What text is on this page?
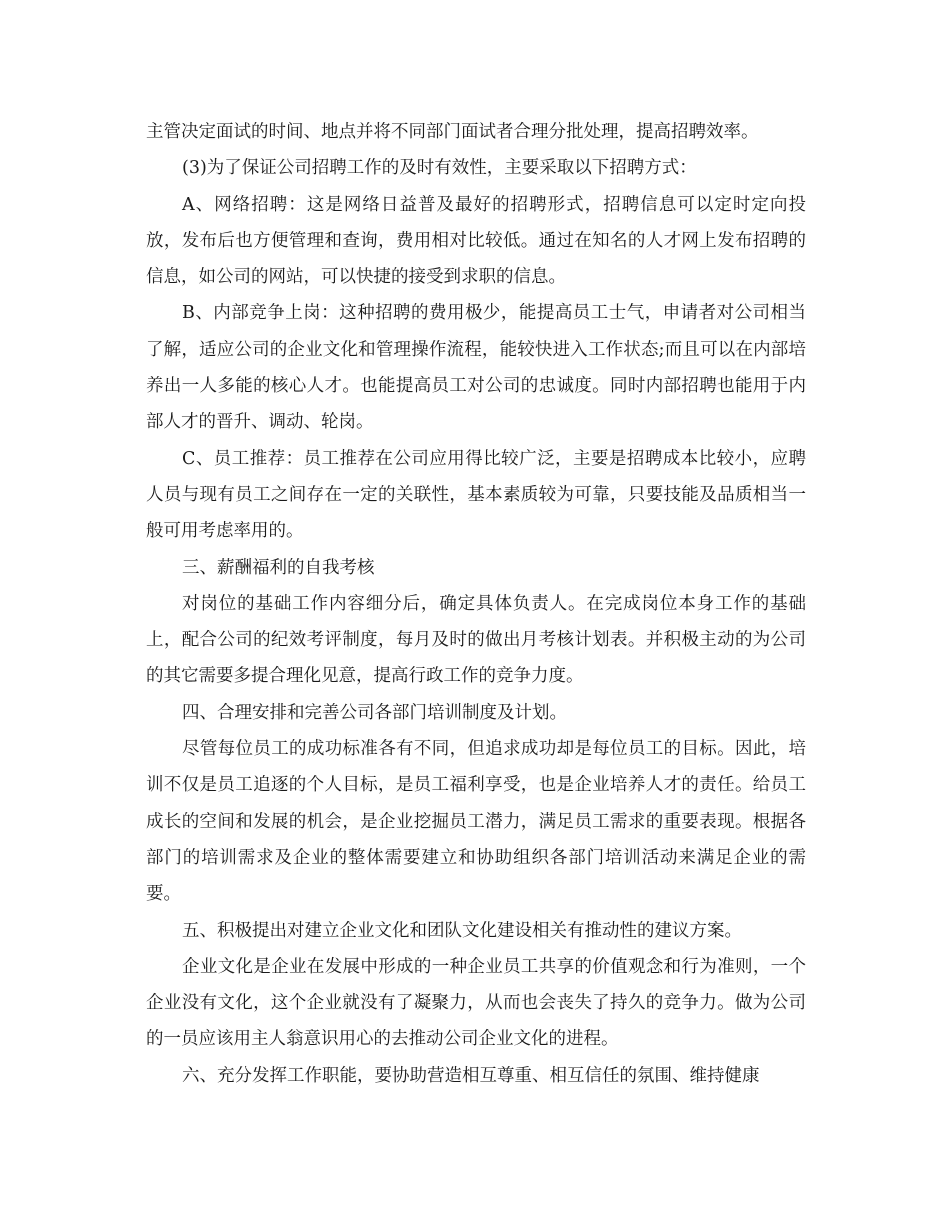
主管决定面试的时间、地点并将不同部门面试者合理分批处理，提高招聘效率。

(3)为了保证公司招聘工作的及时有效性，主要采取以下招聘方式：

A、网络招聘：这是网络日益普及最好的招聘形式，招聘信息可以定时定向投放，发布后也方便管理和查询，费用相对比较低。通过在知名的人才网上发布招聘的信息，如公司的网站，可以快捷的接受到求职的信息。

B、内部竞争上岗：这种招聘的费用极少，能提高员工士气，申请者对公司相当了解，适应公司的企业文化和管理操作流程，能较快进入工作状态;而且可以在内部培养出一人多能的核心人才。也能提高员工对公司的忠诚度。同时内部招聘也能用于内部人才的晋升、调动、轮岗。

C、员工推荐：员工推荐在公司应用得比较广泛，主要是招聘成本比较小，应聘人员与现有员工之间存在一定的关联性，基本素质较为可靠，只要技能及品质相当一般可用考虑率用的。

三、薪酬福利的自我考核

对岗位的基础工作内容细分后，确定具体负责人。在完成岗位本身工作的基础上，配合公司的纪效考评制度，每月及时的做出月考核计划表。并积极主动的为公司的其它需要多提合理化见意，提高行政工作的竞争力度。

四、合理安排和完善公司各部门培训制度及计划。

尽管每位员工的成功标准各有不同，但追求成功却是每位员工的目标。因此，培训不仅是员工追逐的个人目标，是员工福利享受，也是企业培养人才的责任。给员工成长的空间和发展的机会，是企业挖掘员工潜力，满足员工需求的重要表现。根据各部门的培训需求及企业的整体需要建立和协助组织各部门培训活动来满足企业的需要。

五、积极提出对建立企业文化和团队文化建设相关有推动性的建议方案。

企业文化是企业在发展中形成的一种企业员工共享的价值观念和行为准则，一个企业没有文化，这个企业就没有了凝聚力，从而也会丧失了持久的竞争力。做为公司的一员应该用主人翁意识用心的去推动公司企业文化的进程。

六、充分发挥工作职能，要协助营造相互尊重、相互信任的氛围、维持健康
